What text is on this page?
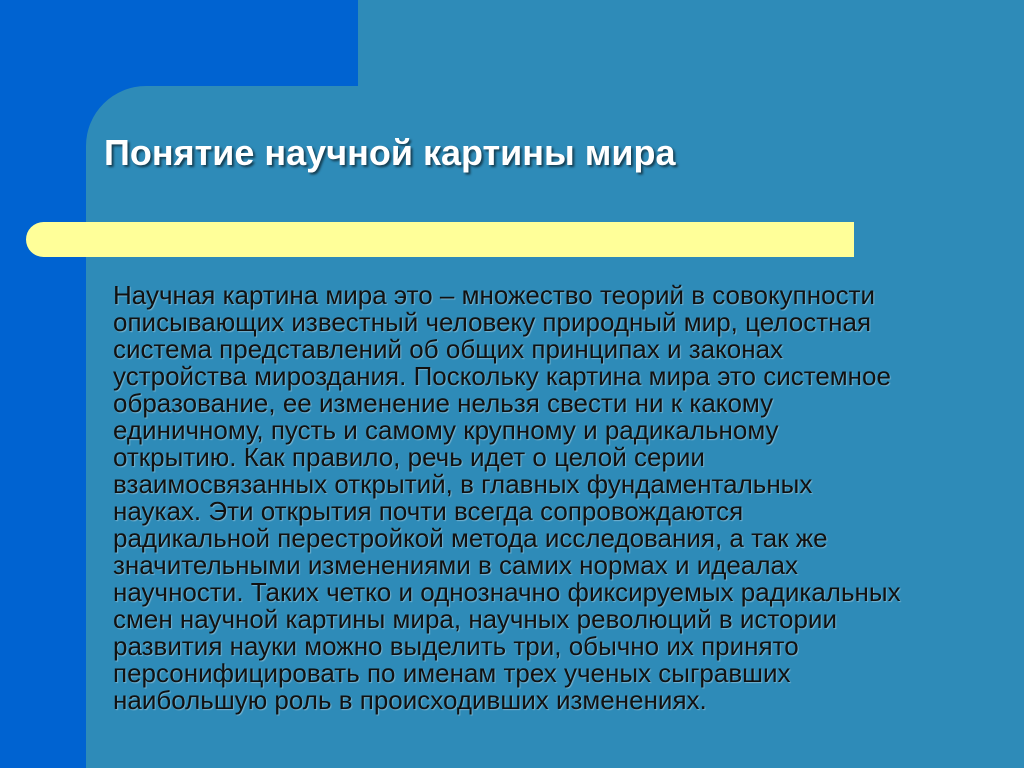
Понятие научной картины мира

Научная картина мира это – множество теорий в совокупности
описывающих известный человеку природный мир, целостная
система представлений об общих принципах и законах
устройства мироздания. Поскольку картина мира это системное
образование, ее изменение нельзя свести ни к какому
единичному, пусть и самому крупному и радикальному
открытию. Как правило, речь идет о целой серии
взаимосвязанных открытий, в главных фундаментальных
науках. Эти открытия почти всегда сопровождаются
радикальной перестройкой метода исследования, а так же
значительными изменениями в самих нормах и идеалах
научности. Таких четко и однозначно фиксируемых радикальных
смен научной картины мира, научных революций в истории
развития науки можно выделить три, обычно их принято
персонифицировать по именам трех ученых сыгравших
наибольшую роль в происходивших изменениях.
